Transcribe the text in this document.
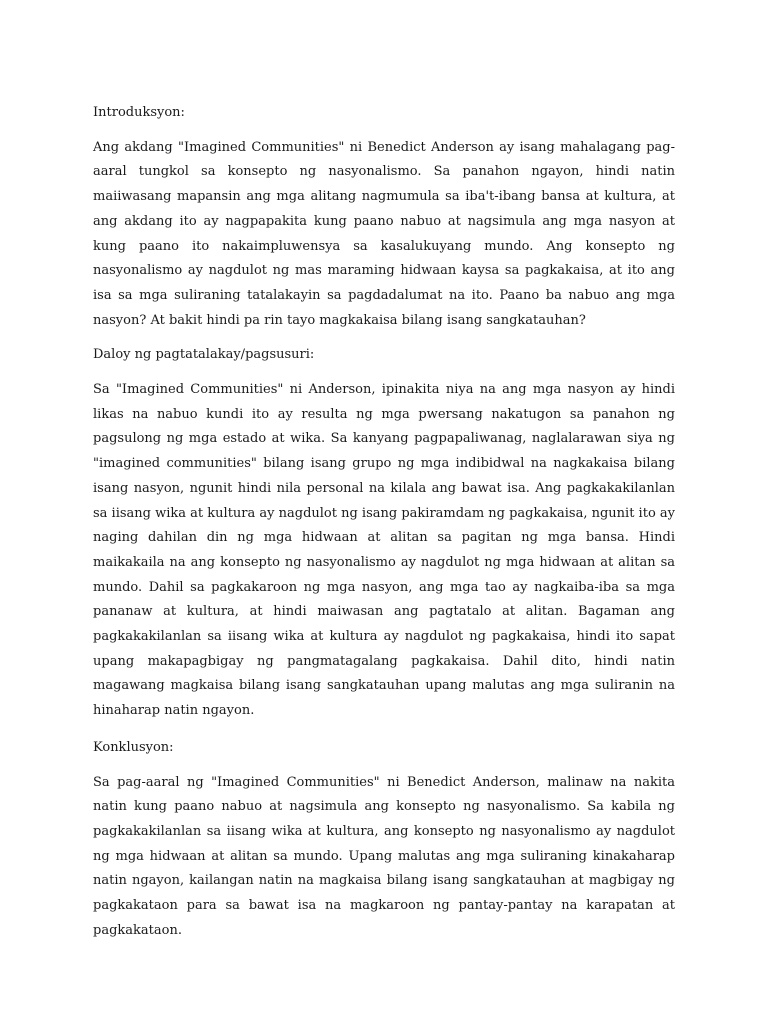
Introduksyon:

Ang akdang "Imagined Communities" ni Benedict Anderson ay isang mahalagang pag-aaral tungkol sa konsepto ng nasyonalismo. Sa panahon ngayon, hindi natin maiiwasang mapansin ang mga alitang nagmumula sa iba't-ibang bansa at kultura, at ang akdang ito ay nagpapakita kung paano nabuo at nagsimula ang mga nasyon at kung paano ito nakaimpluwensya sa kasalukuyang mundo. Ang konsepto ng nasyonalismo ay nagdulot ng mas maraming hidwaan kaysa sa pagkakaisa, at ito ang isa sa mga suliraning tatalakayin sa pagdadalumat na ito. Paano ba nabuo ang mga nasyon? At bakit hindi pa rin tayo magkakaisa bilang isang sangkatauhan?

Daloy ng pagtatalakay/pagsusuri:

Sa "Imagined Communities" ni Anderson, ipinakita niya na ang mga nasyon ay hindi likas na nabuo kundi ito ay resulta ng mga pwersang nakatugon sa panahon ng pagsulong ng mga estado at wika. Sa kanyang pagpapaliwanag, naglalarawan siya ng "imagined communities" bilang isang grupo ng mga indibidwal na nagkakaisa bilang isang nasyon, ngunit hindi nila personal na kilala ang bawat isa. Ang pagkakakilanlan sa iisang wika at kultura ay nagdulot ng isang pakiramdam ng pagkakaisa, ngunit ito ay naging dahilan din ng mga hidwaan at alitan sa pagitan ng mga bansa. Hindi maikakaila na ang konsepto ng nasyonalismo ay nagdulot ng mga hidwaan at alitan sa mundo. Dahil sa pagkakaroon ng mga nasyon, ang mga tao ay nagkaiba-iba sa mga pananaw at kultura, at hindi maiwasan ang pagtatalo at alitan. Bagaman ang pagkakakilanlan sa iisang wika at kultura ay nagdulot ng pagkakaisa, hindi ito sapat upang makapagbigay ng pangmatagalang pagkakaisa. Dahil dito, hindi natin magawang magkaisa bilang isang sangkatauhan upang malutas ang mga suliranin na hinaharap natin ngayon.

Konklusyon:

Sa pag-aaral ng "Imagined Communities" ni Benedict Anderson, malinaw na nakita natin kung paano nabuo at nagsimula ang konsepto ng nasyonalismo. Sa kabila ng pagkakakilanlan sa iisang wika at kultura, ang konsepto ng nasyonalismo ay nagdulot ng mga hidwaan at alitan sa mundo. Upang malutas ang mga suliraning kinakaharap natin ngayon, kailangan natin na magkaisa bilang isang sangkatauhan at magbigay ng pagkakataon para sa bawat isa na magkaroon ng pantay-pantay na karapatan at pagkakataon.
